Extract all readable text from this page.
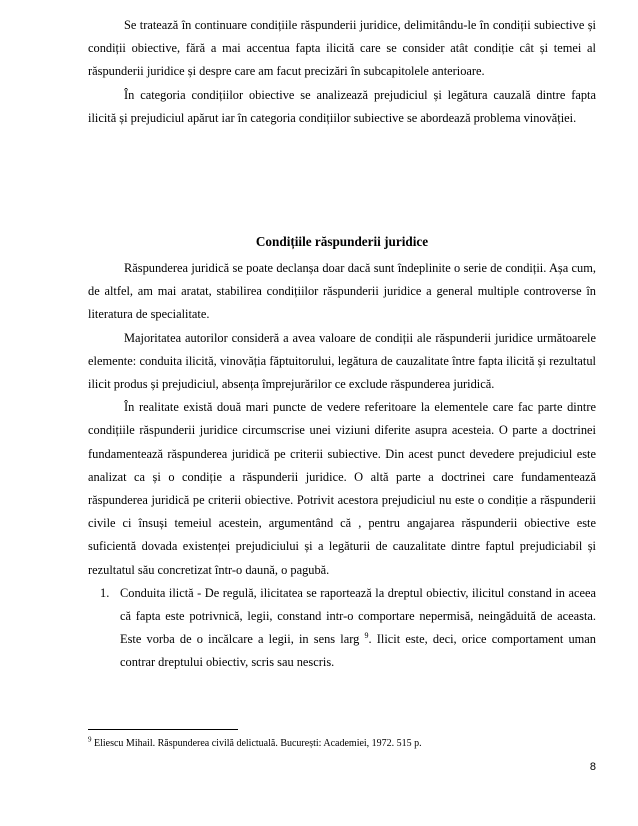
Se tratează în continuare condițiile răspunderii juridice, delimitându-le în condiții subiective și condiții obiective, fără a mai accentua fapta ilicită care se consider atât condiție cât și temei al răspunderii juridice și despre care am facut precizări în subcapitolele anterioare.

În categoria condițiilor obiective se analizează prejudiciul și legătura cauzală dintre fapta ilicită și prejudiciul apărut iar în categoria condițiilor subiective se abordează problema vinovăției.

Condițiile răspunderii juridice

Răspunderea juridică se poate declanșa doar dacă sunt îndeplinite o serie de condiții. Așa cum, de altfel, am mai aratat, stabilirea condițiilor răspunderii juridice a general multiple controverse în literatura de specialitate.

Majoritatea autorilor consideră a avea valoare de condiții ale răspunderii juridice următoarele elemente: conduita ilicită, vinovăția făptuitorului, legătura de cauzalitate între fapta ilicită și rezultatul ilicit produs și prejudiciul, absența împrejurărilor ce exclude răspunderea juridică.

În realitate există două mari puncte de vedere referitoare la elementele care fac parte dintre condițiile răspunderii juridice circumscrise unei viziuni diferite asupra acesteia. O parte a doctrinei fundamentează răspunderea juridică pe criterii subiective. Din acest punct devedere prejudiciul este analizat ca și o condiție a răspunderii juridice. O altă parte a doctrinei care fundamentează răspunderea juridică pe criterii obiective. Potrivit acestora prejudiciul nu este o condiție a răspunderii civile ci însuși temeiul acestein, argumentând că , pentru angajarea răspunderii obiective este suficientă dovada existenței prejudiciului și a legăturii de cauzalitate dintre faptul prejudiciabil și rezultatul său concretizat într-o daună, o pagubă.

1. Conduita ilictă - De regulă, ilicitatea se raportează la dreptul obiectiv, ilicitul constand in aceea că fapta este potrivnică, legii, constand intr-o comportare nepermisă, neingăduită de aceasta. Este vorba de o incălcare a legii, in sens larg $^9$. Ilicit este, deci, orice comportament uman contrar dreptului obiectiv, scris sau nescris.
$^9$ Eliescu Mihail. Răspunderea civilă delictuală. București: Academiei, 1972. 515 p.
8
